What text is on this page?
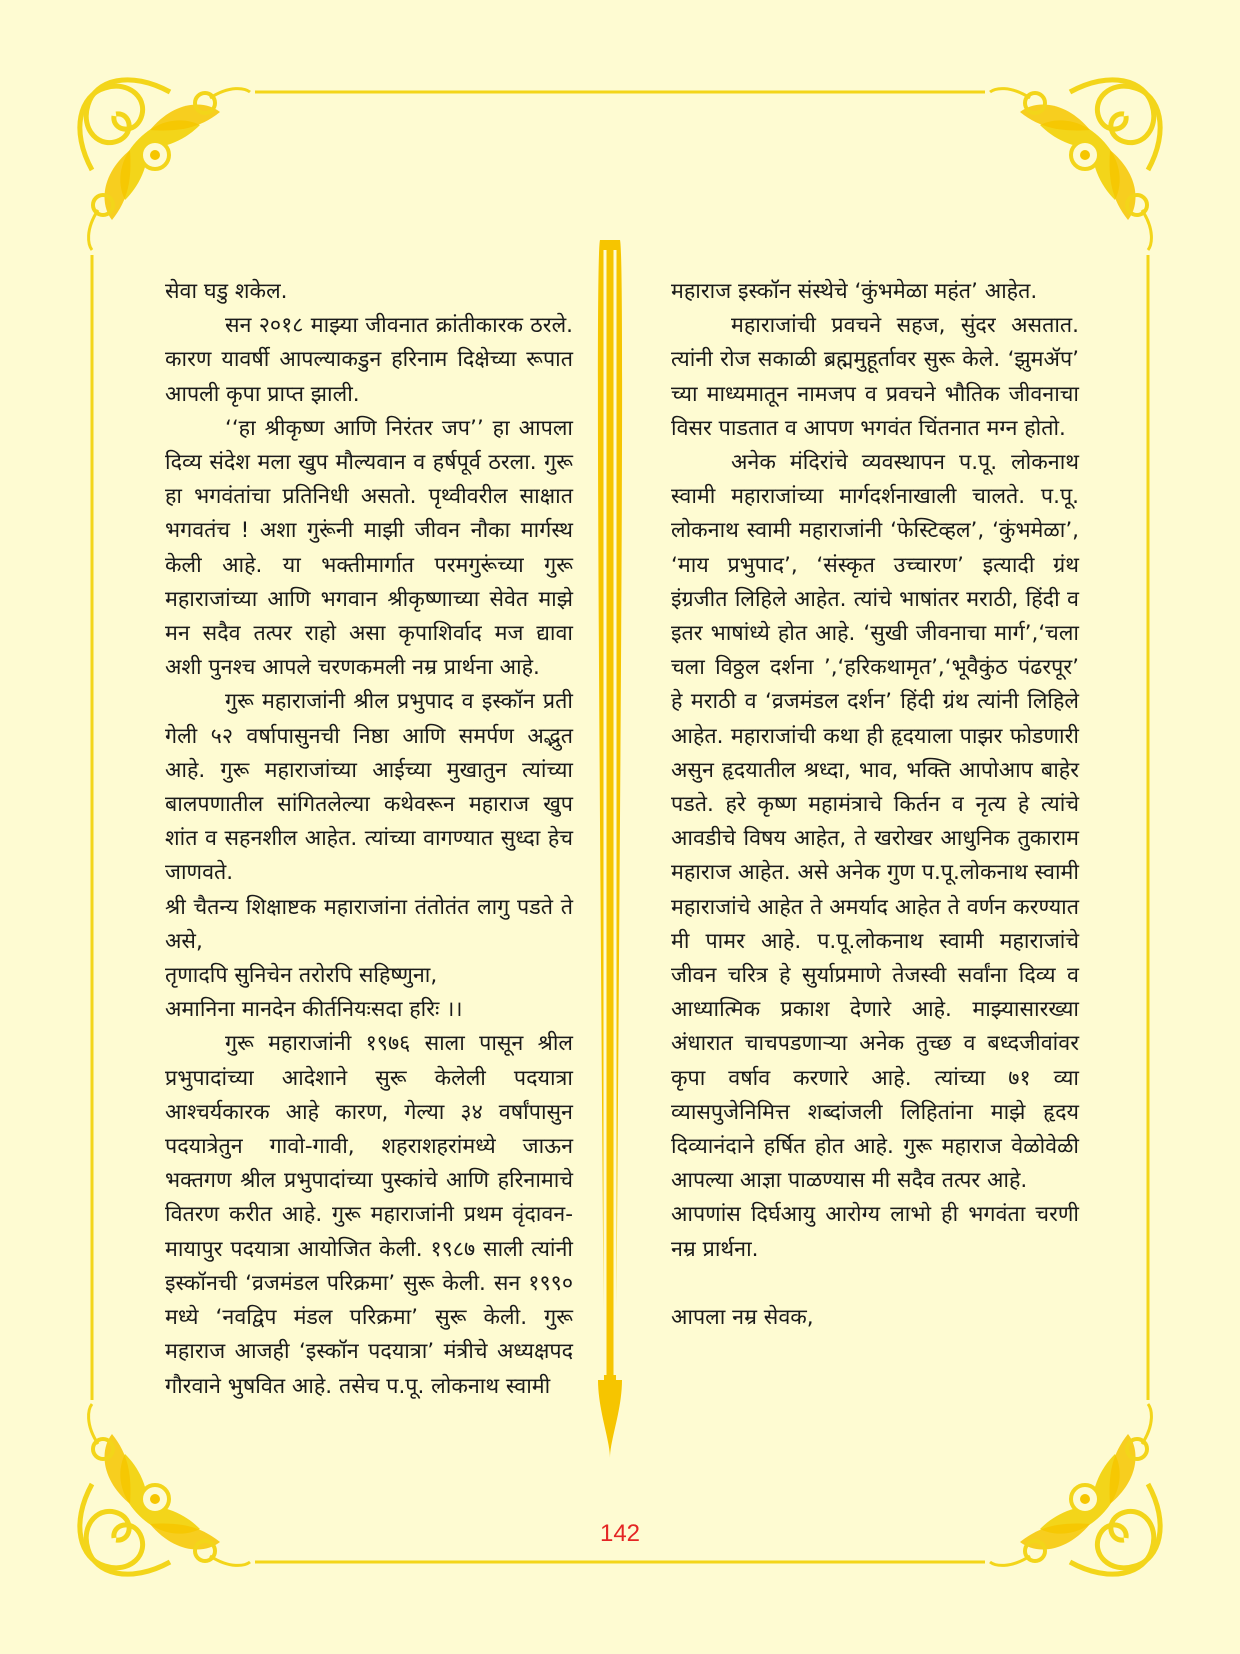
सेवा घडु शकेल.

सन २०१८ माझ्या जीवनात क्रांतीकारक ठरले. कारण यावर्षी आपल्याकडुन हरिनाम दिक्षेच्या रूपात आपली कृपा प्राप्त झाली.

‘‘हा श्रीकृष्ण आणि निरंतर जप’’ हा आपला दिव्य संदेश मला खुप मौल्यवान व हर्षपूर्व ठरला. गुरू हा भगवंतांचा प्रतिनिधी असतो. पृथ्वीवरील साक्षात भगवतंच ! अशा गुरूंनी माझी जीवन नौका मार्गस्थ केली आहे. या भक्तीमार्गात परमगुरूंच्या गुरू महाराजांच्या आणि भगवान श्रीकृष्णाच्या सेवेत माझे मन सदैव तत्पर राहो असा कृपाशिर्वाद मज द्यावा अशी पुनश्च आपले चरणकमली नम्र प्रार्थना आहे.

गुरू महाराजांनी श्रील प्रभुपाद व इस्कॉन प्रती गेली ५२ वर्षापासुनची निष्ठा आणि समर्पण अद्भुत आहे. गुरू महाराजांच्या आईच्या मुखातुन त्यांच्या बालपणातील सांगितलेल्या कथेवरून महाराज खुप शांत व सहनशील आहेत. त्यांच्या वागण्यात सुध्दा हेच जाणवते.

श्री चैतन्य शिक्षाष्टक महाराजांना तंतोतंत लागु पडते ते असे,

तृणादपि सुनिचेन तरोरपि सहिष्णुना,

अमानिना मानदेन कीर्तनियःसदा हरिः ।।

गुरू महाराजांनी १९७६ साला पासून श्रील प्रभुपादांच्या आदेशाने सुरू केलेली पदयात्रा आश्चर्यकारक आहे कारण, गेल्या ३४ वर्षांपासुन पदयात्रेतुन गावो-गावी, शहराशहरांमध्ये जाऊन भक्तगण श्रील प्रभुपादांच्या पुस्कांचे आणि हरिनामाचे वितरण करीत आहे. गुरू महाराजांनी प्रथम वृंदावन-मायापुर पदयात्रा आयोजित केली. १९८७ साली त्यांनी इस्कॉनची ‘व्रजमंडल परिक्रमा’ सुरू केली. सन १९९० मध्ये ‘नवद्विप मंडल परिक्रमा’ सुरू केली. गुरू महाराज आजही ‘इस्कॉन पदयात्रा’ मंत्रीचे अध्यक्षपद गौरवाने भुषवित आहे. तसेच प.पू. लोकनाथ स्वामी

महाराज इस्कॉन संस्थेचे ‘कुंभमेळा महंत’ आहेत.

महाराजांची प्रवचने सहज, सुंदर असतात. त्यांनी रोज सकाळी ब्रह्ममुहूर्तावर सुरू केले. ‘झुमॲप’ च्या माध्यमातून नामजप व प्रवचने भौतिक जीवनाचा विसर पाडतात व आपण भगवंत चिंतनात मग्न होतो.

अनेक मंदिरांचे व्यवस्थापन प.पू. लोकनाथ स्वामी महाराजांच्या मार्गदर्शनाखाली चालते. प.पू. लोकनाथ स्वामी महाराजांनी ‘फेस्टिव्हल’, ‘कुंभमेळा’, ‘माय प्रभुपाद’, ‘संस्कृत उच्चारण’ इत्यादी ग्रंथ इंग्रजीत लिहिले आहेत. त्यांचे भाषांतर मराठी, हिंदी व इतर भाषांध्ये होत आहे. ‘सुखी जीवनाचा मार्ग’,‘चला चला विठ्ठल दर्शना ’,‘हरिकथामृत’,‘भूवैकुंठ पंढरपूर’ हे मराठी व ‘व्रजमंडल दर्शन’ हिंदी ग्रंथ त्यांनी लिहिले आहेत. महाराजांची कथा ही हृदयाला पाझर फोडणारी असुन हृदयातील श्रध्दा, भाव, भक्ति आपोआप बाहेर पडते. हरे कृष्ण महामंत्राचे किर्तन व नृत्य हे त्यांचे आवडीचे विषय आहेत, ते खरोखर आधुनिक तुकाराम महाराज आहेत. असे अनेक गुण प.पू.लोकनाथ स्वामी महाराजांचे आहेत ते अमर्याद आहेत ते वर्णन करण्यात मी पामर आहे. प.पू.लोकनाथ स्वामी महाराजांचे जीवन चरित्र हे सुर्याप्रमाणे तेजस्वी सर्वांना दिव्य व आध्यात्मिक प्रकाश देणारे आहे. माझ्यासारख्या अंधारात चाचपडणाऱ्या अनेक तुच्छ व बध्दजीवांवर कृपा वर्षाव करणारे आहे. त्यांच्या ७१ व्या व्यासपुजेनिमित्त शब्दांजली लिहितांना माझे हृदय दिव्यानंदाने हर्षित होत आहे. गुरू महाराज वेळोवेळी आपल्या आज्ञा पाळण्यास मी सदैव तत्पर आहे.

आपणांस दिर्घआयु आरोग्य लाभो ही भगवंता चरणी नम्र प्रार्थना.

आपला नम्र सेवक,

142
